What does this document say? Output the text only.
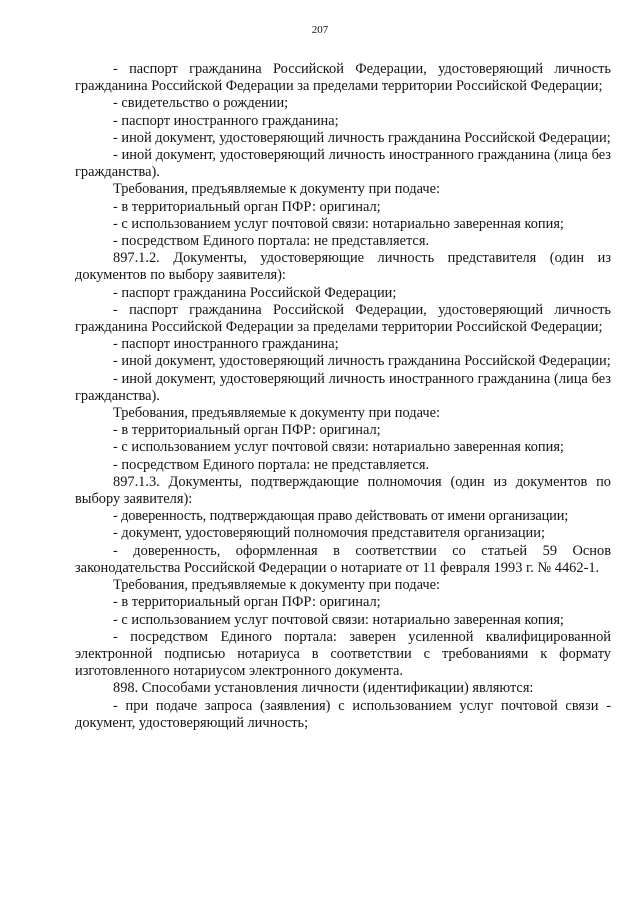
207

- паспорт гражданина Российской Федерации, удостоверяющий личность гражданина Российской Федерации за пределами территории Российской Федерации;

- свидетельство о рождении;

- паспорт иностранного гражданина;

- иной документ, удостоверяющий личность гражданина Российской Федерации;

- иной документ, удостоверяющий личность иностранного гражданина (лица без гражданства).

Требования, предъявляемые к документу при подаче:

- в территориальный орган ПФР: оригинал;

- с использованием услуг почтовой связи: нотариально заверенная копия;

- посредством Единого портала: не представляется.

897.1.2. Документы, удостоверяющие личность представителя (один из документов по выбору заявителя):

- паспорт гражданина Российской Федерации;

- паспорт гражданина Российской Федерации, удостоверяющий личность гражданина Российской Федерации за пределами территории Российской Федерации;

- паспорт иностранного гражданина;

- иной документ, удостоверяющий личность гражданина Российской Федерации;

- иной документ, удостоверяющий личность иностранного гражданина (лица без гражданства).

Требования, предъявляемые к документу при подаче:

- в территориальный орган ПФР: оригинал;

- с использованием услуг почтовой связи: нотариально заверенная копия;

- посредством Единого портала: не представляется.

897.1.3. Документы, подтверждающие полномочия (один из документов по выбору заявителя):

- доверенность, подтверждающая право действовать от имени организации;

- документ, удостоверяющий полномочия представителя организации;

- доверенность, оформленная в соответствии со статьей 59 Основ законодательства Российской Федерации о нотариате от 11 февраля 1993 г. № 4462-1.

Требования, предъявляемые к документу при подаче:

- в территориальный орган ПФР: оригинал;

- с использованием услуг почтовой связи: нотариально заверенная копия;

- посредством Единого портала: заверен усиленной квалифицированной электронной подписью нотариуса в соответствии с требованиями к формату изготовленного нотариусом электронного документа.

898. Способами установления личности (идентификации) являются:

- при подаче запроса (заявления) с использованием услуг почтовой связи - документ, удостоверяющий личность;
